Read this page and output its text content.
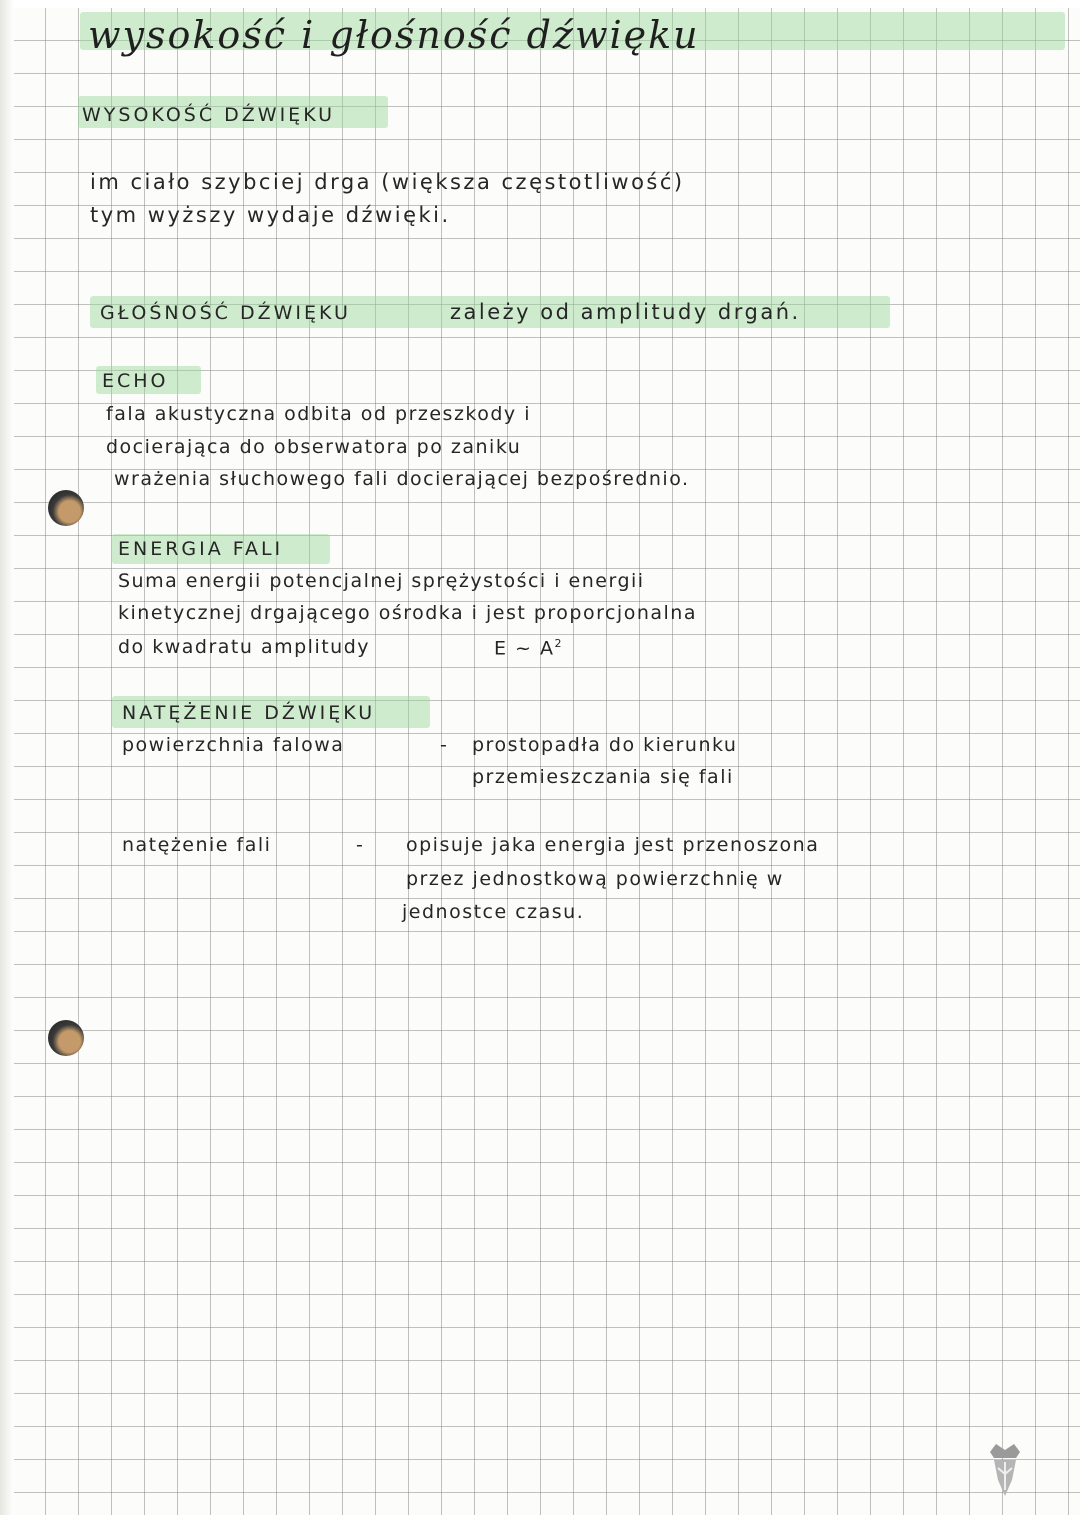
wysokość i głośność dźwięku
WYSOKOŚĆ DŹWIĘKU
im ciało szybciej drga (większa częstotliwość)
tym wyższy wydaje dźwięki.
GŁOŚNOŚĆ DŹWIĘKU	zależy od amplitudy drgań.
ECHO
fala akustyczna odbita od przeszkody i
docierająca do obserwatora po zaniku
wrażenia słuchowego fali docierającej bezpośrednio.
ENERGIA FALI
Suma energii potencjalnej sprężystości i energii
kinetycznej drgającego ośrodka i jest proporcjonalna
do kwadratu amplitudy	E ~ $A^2$
NATĘŻENIE DŹWIĘKU
powierzchnia falowa	- prostopadła do kierunku
przemieszczania się fali
natężenie fali	- opisuje jaka energia jest przenoszona
przez jednostkową powierzchnię w
jednostce czasu.
